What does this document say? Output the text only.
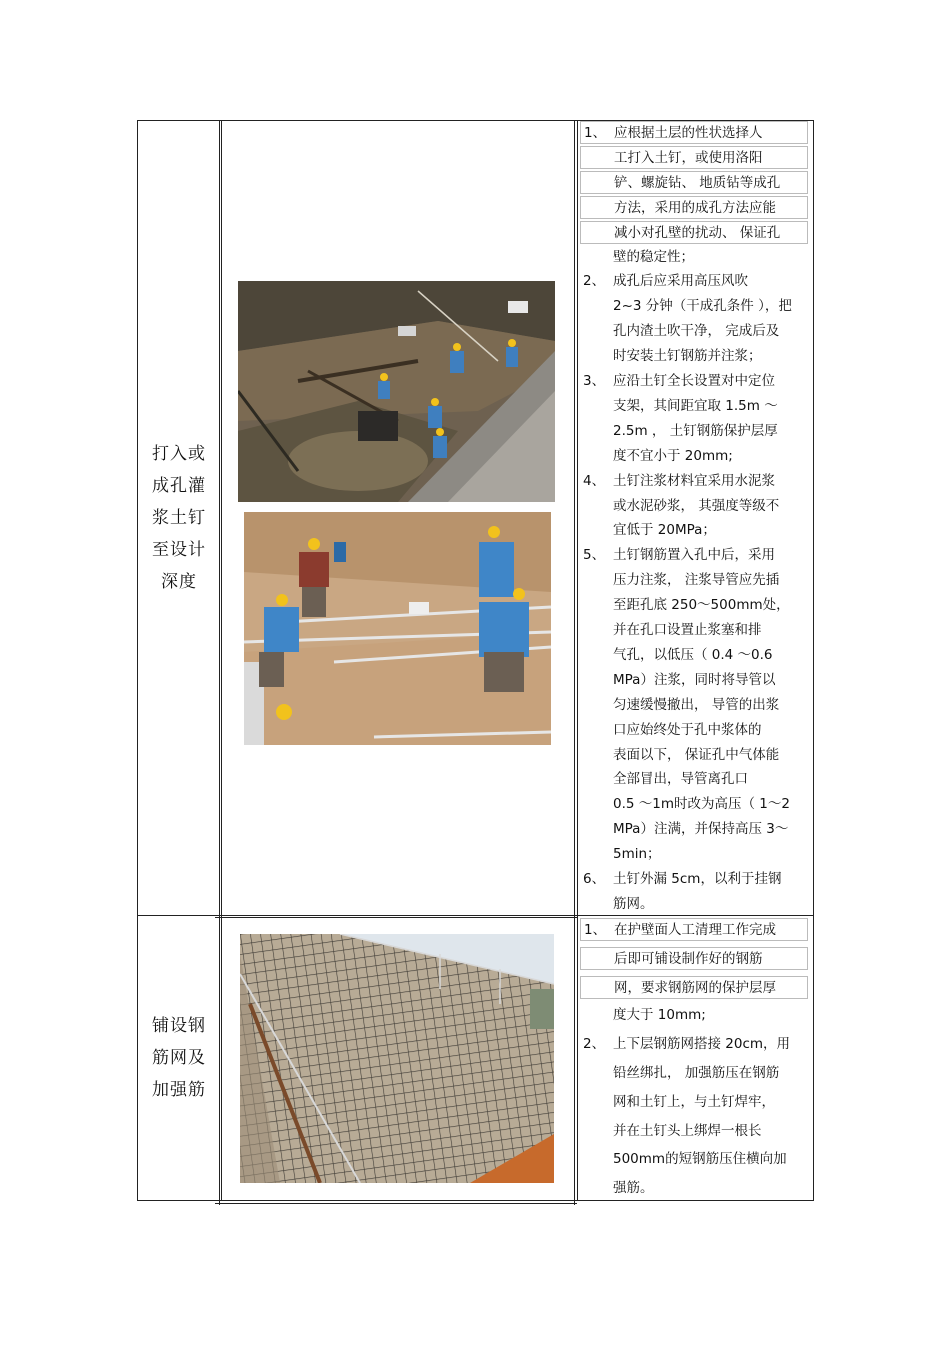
打入或
成孔灌
浆土钉
至设计
深度
铺设钢
筋网及
加强筋
1、 应根据土层的性状选择人
工打入土钉，或使用洛阳
铲、螺旋钻、 地质钻等成孔
方法，采用的成孔方法应能
减小对孔壁的扰动、 保证孔
壁的稳定性；
2、 成孔后应采用高压风吹
2~3 分钟（干成孔条件 ），把
孔内渣土吹干净， 完成后及
时安装土钉钢筋并注浆；
3、 应沿土钉全长设置对中定位
支架，其间距宜取 1.5m ～
2.5m ， 土钉钢筋保护层厚
度不宜小于 20mm;
4、 土钉注浆材料宜采用水泥浆
或水泥砂浆， 其强度等级不
宜低于 20MPa；
5、 土钉钢筋置入孔中后，采用
压力注浆， 注浆导管应先插
至距孔底 250～500mm处，
并在孔口设置止浆塞和排
气孔，以低压（ 0.4 ～0.6
MPa）注浆，同时将导管以
匀速缓慢撤出， 导管的出浆
口应始终处于孔中浆体的
表面以下， 保证孔中气体能
全部冒出，导管离孔口
0.5 ～1m时改为高压（ 1～2
MPa）注满，并保持高压 3～
5min；
6、 土钉外漏 5cm，以利于挂钢
筋网。
1、 在护壁面人工清理工作完成
后即可铺设制作好的钢筋
网，要求钢筋网的保护层厚
度大于 10mm;
2、 上下层钢筋网搭接 20cm，用
铅丝绑扎， 加强筋压在钢筋
网和土钉上，与土钉焊牢，
并在土钉头上绑焊一根长
500mm的短钢筋压住横向加
强筋。
